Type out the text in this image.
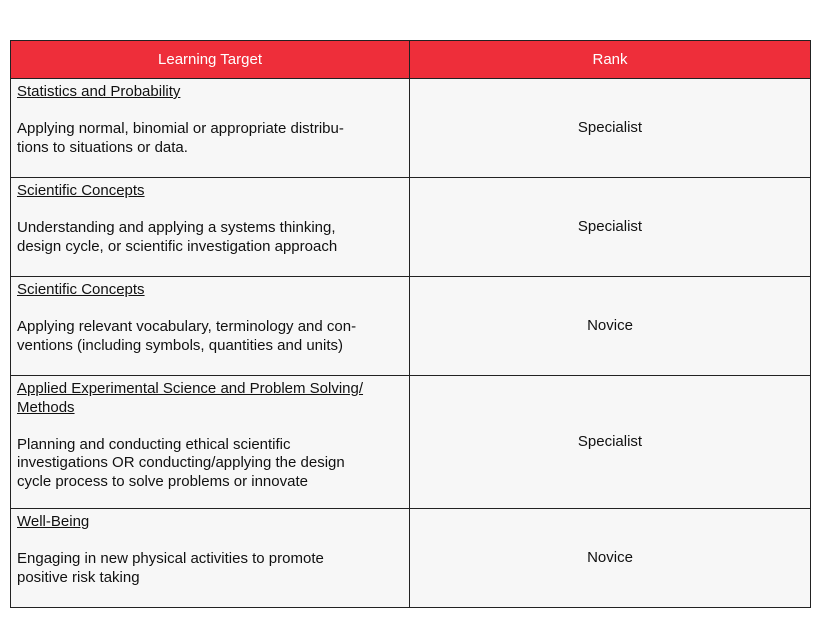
Learning Target	Rank

Statistics and Probability
Applying normal, binomial or appropriate distribu-
tions to situations or data.	Specialist

Scientific Concepts
Understanding and applying a systems thinking,
design cycle, or scientific investigation approach	Specialist

Scientific Concepts
Applying relevant vocabulary, terminology and con-
ventions (including symbols, quantities and units)	Novice

Applied Experimental Science and Problem Solving/
Methods
Planning and conducting ethical scientific
investigations OR conducting/applying the design
cycle process to solve problems or innovate	Specialist

Well-Being
Engaging in new physical activities to promote
positive risk taking	Novice
